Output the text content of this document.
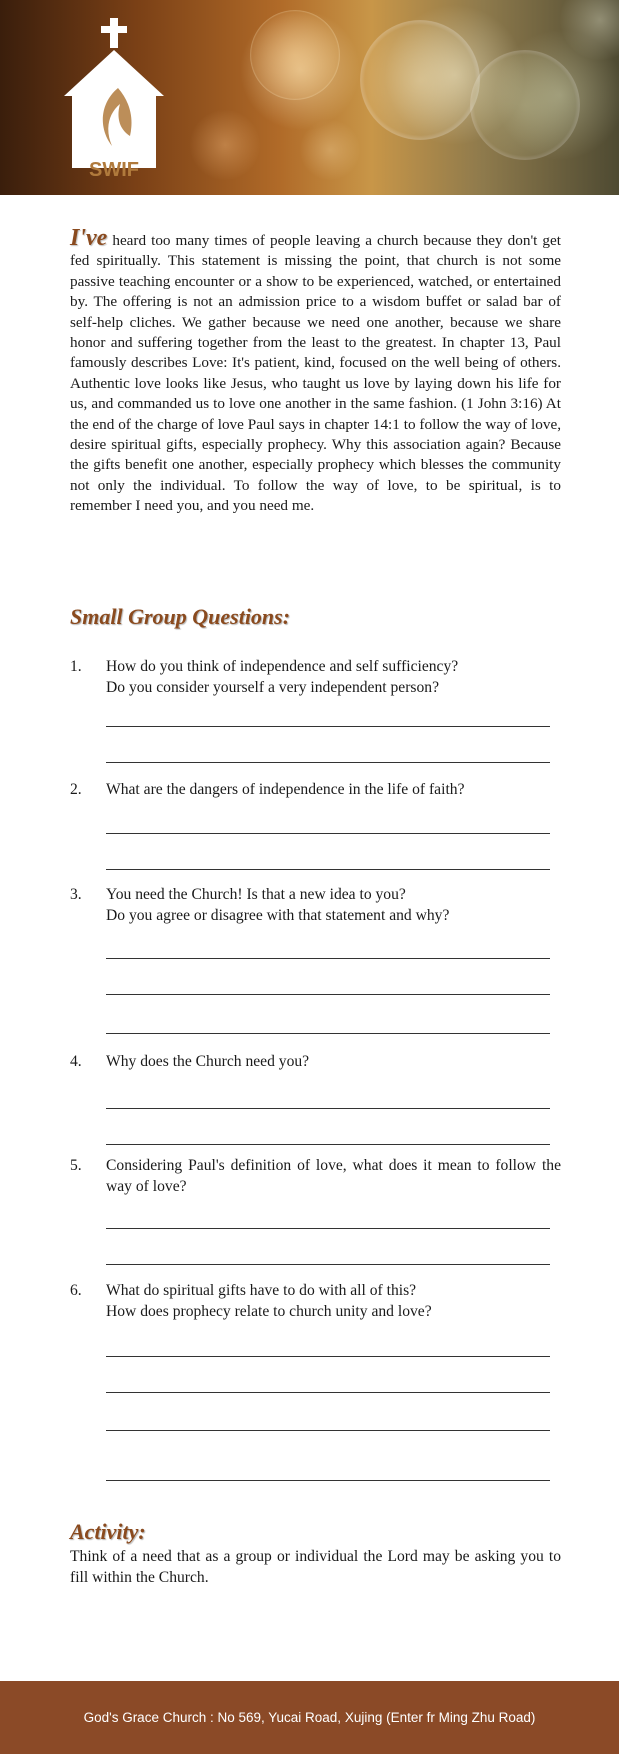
SWIF

I've heard too many times of people leaving a church because they don't get fed spiritually. This statement is missing the point, that church is not some passive teaching encounter or a show to be experienced, watched, or entertained by. The offering is not an admission price to a wisdom buffet or salad bar of self-help cliches. We gather because we need one another, because we share honor and suffering together from the least to the greatest. In chapter 13, Paul famously describes Love: It's patient, kind, focused on the well being of others. Authentic love looks like Jesus, who taught us love by laying down his life for us, and commanded us to love one another in the same fashion. (1 John 3:16) At the end of the charge of love Paul says in chapter 14:1 to follow the way of love, desire spiritual gifts, especially prophecy. Why this association again? Because the gifts benefit one another, especially prophecy which blesses the community not only the individual. To follow the way of love, to be spiritual, is to remember I need you, and you need me.

Small Group Questions:
1. How do you think of independence and self sufficiency?
Do you consider yourself a very independent person?
2. What are the dangers of independence in the life of faith?
3. You need the Church! Is that a new idea to you?
Do you agree or disagree with that statement and why?
4. Why does the Church need you?
5. Considering Paul's definition of love, what does it mean to follow the way of love?
6. What do spiritual gifts have to do with all of this?
How does prophecy relate to church unity and love?
Activity:
Think of a need that as a group or individual the Lord may be asking you to fill within the Church.
God's Grace Church : No 569, Yucai Road, Xujing (Enter fr Ming Zhu Road)
